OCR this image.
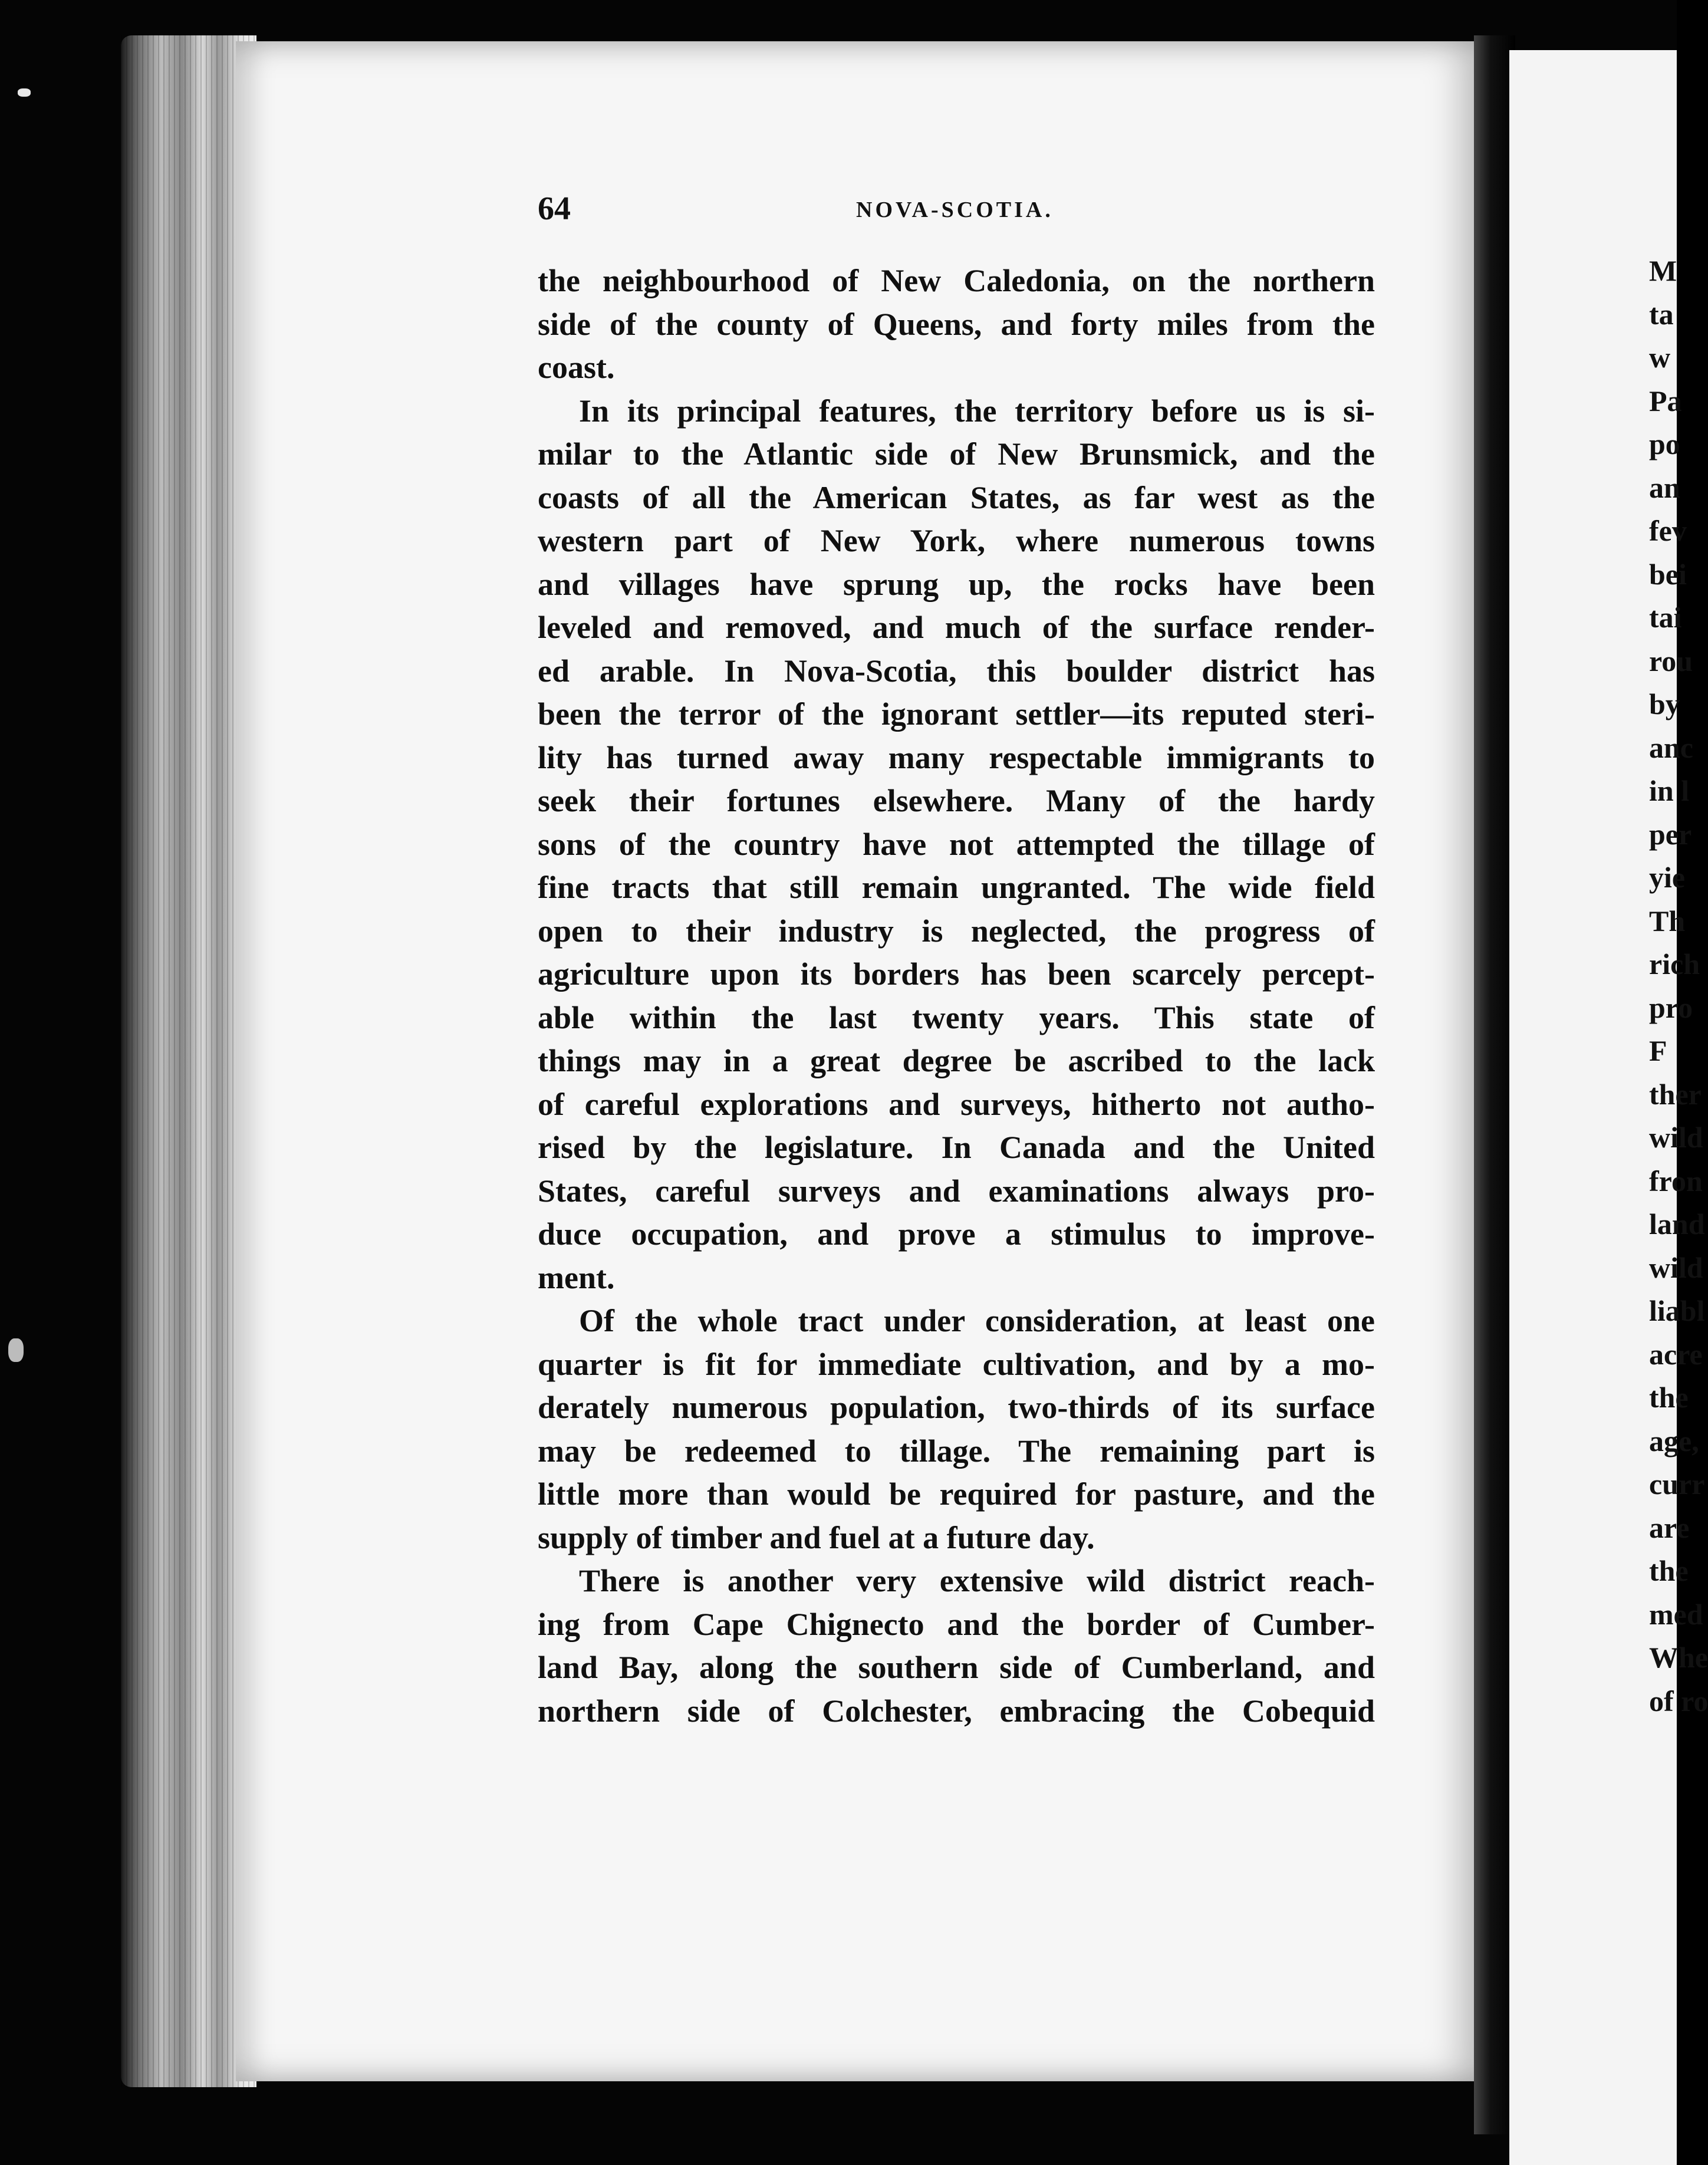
64	NOVA-SCOTIA.
the neighbourhood of New Caledonia, on the northern
side of the county of Queens, and forty miles from the
coast.
In its principal features, the territory before us is si-
milar to the Atlantic side of New Brunsmick, and the
coasts of all the American States, as far west as the
western part of New York, where numerous towns
and villages have sprung up, the rocks have been
leveled and removed, and much of the surface render-
ed arable. In Nova-Scotia, this boulder district has
been the terror of the ignorant settler—its reputed steri-
lity has turned away many respectable immigrants to
seek their fortunes elsewhere. Many of the hardy
sons of the country have not attempted the tillage of
fine tracts that still remain ungranted. The wide field
open to their industry is neglected, the progress of
agriculture upon its borders has been scarcely percept-
able within the last twenty years. This state of
things may in a great degree be ascribed to the lack
of careful explorations and surveys, hitherto not autho-
rised by the legislature. In Canada and the United
States, careful surveys and examinations always pro-
duce occupation, and prove a stimulus to improve-
ment.
Of the whole tract under consideration, at least one
quarter is fit for immediate cultivation, and by a mo-
derately numerous population, two-thirds of its surface
may be redeemed to tillage. The remaining part is
little more than would be required for pasture, and the
supply of timber and fuel at a future day.
There is another very extensive wild district reach-
ing from Cape Chignecto and the border of Cumber-
land Bay, along the southern side of Cumberland, and
northern side of Colchester, embracing the Cobequid
M
ta
w
Pa
po
an
fev
bei
tai
rou
by
anc
in l
per
yie
Th
rich
pro
F
ther
wild
fron
land
wild
liabl
acre
the
age,
curr
are
the
med
Whe
of ro
